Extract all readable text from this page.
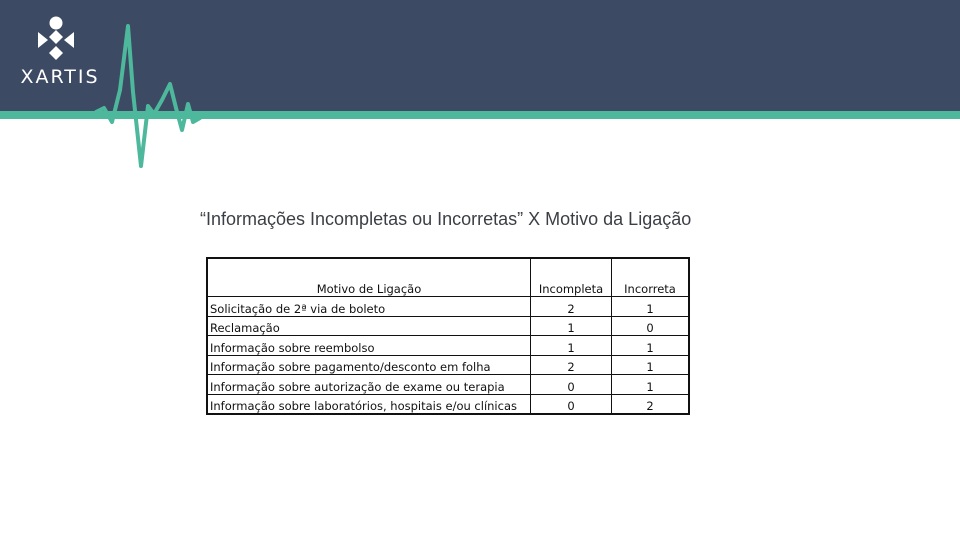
XARTIS
“Informações Incompletas ou Incorretas” X Motivo da Ligação
Motivo de Ligação	Incompleta	Incorreta
Solicitação de 2ª via de boleto	2	1
Reclamação	1	0
Informação sobre reembolso	1	1
Informação sobre pagamento/desconto em folha	2	1
Informação sobre autorização de exame ou terapia	0	1
Informação sobre laboratórios, hospitais e/ou clínicas	0	2
